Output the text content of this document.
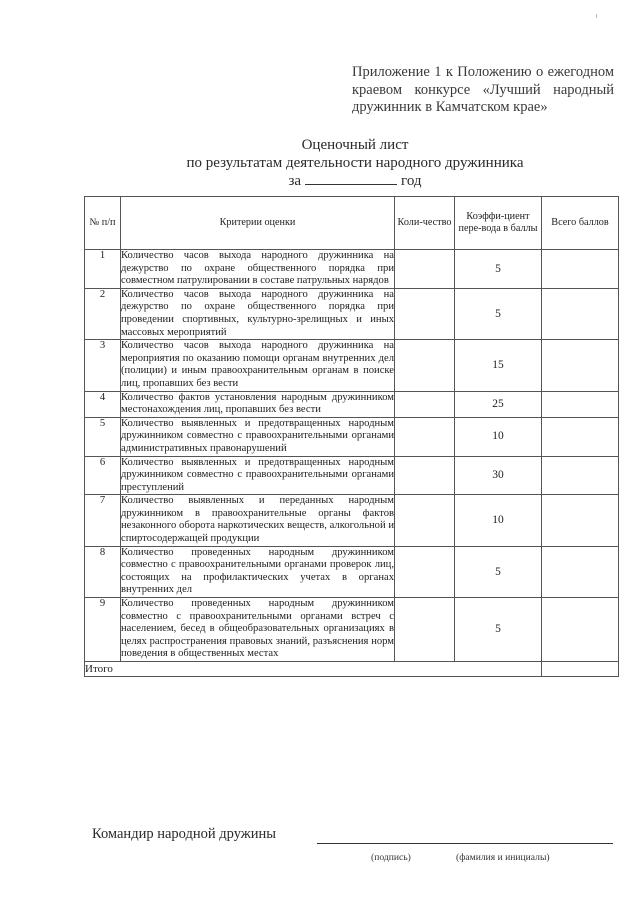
Приложение 1 к Положению о ежегодном краевом конкурсе «Лучший народный дружинник в Камчатском крае»
Оценочный лист
по результатам деятельности народного дружинника
за	год
№ п/п	Критерии оценки	Коли-чество	Коэффи-циент пере-вода в баллы	Всего баллов
1	Количество часов выхода народного дружинника на дежурство по охране общественного порядка при совместном патрулировании в составе патрульных нарядов		5	
2	Количество часов выхода народного дружинника на дежурство по охране общественного порядка при проведении спортивных, культурно-зрелищных и иных массовых мероприятий		5	
3	Количество часов выхода народного дружинника на мероприятия по оказанию помощи органам внутренних дел (полиции) и иным правоохранительным органам в поиске лиц, пропавших без вести		15	
4	Количество фактов установления народным дружинником местонахождения лиц, пропавших без вести		25	
5	Количество выявленных и предотвращенных народным дружинником совместно с правоохранительными органами административных правонарушений		10	
6	Количество выявленных и предотвращенных народным дружинником совместно с правоохранительными органами преступлений		30	
7	Количество выявленных и переданных народным дружинником в правоохранительные органы фактов незаконного оборота наркотических веществ, алкогольной и спиртосодержащей продукции		10	
8	Количество проведенных народным дружинником совместно с правоохранительными органами проверок лиц, состоящих на профилактических учетах в органах внутренних дел		5	
9	Количество проведенных народным дружинником совместно с правоохранительными органами встреч с населением, бесед в общеобразовательных организациях в целях распространения правовых знаний, разъяснения норм поведения в общественных местах		5	
Итого				
Командир народной дружины
(подпись)	(фамилия и инициалы)
